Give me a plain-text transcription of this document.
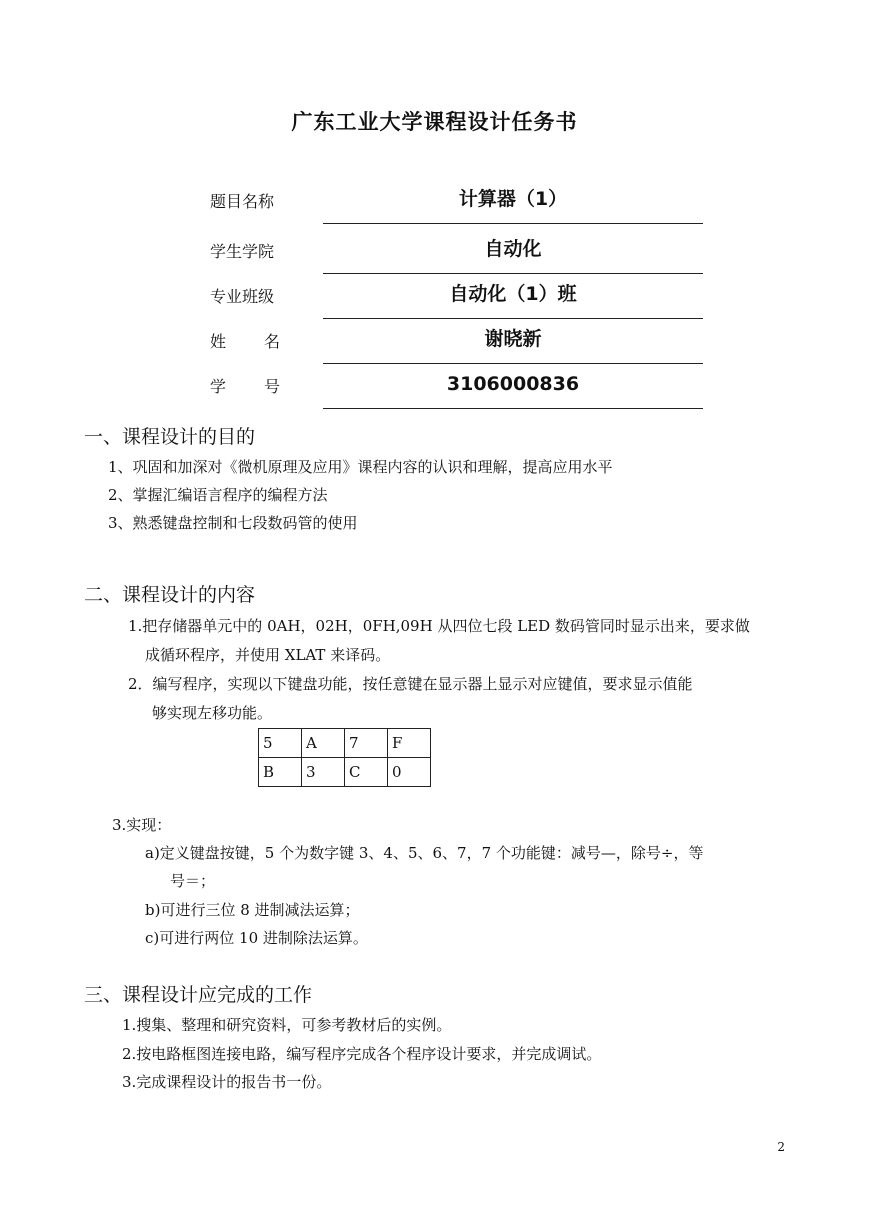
广东工业大学课程设计任务书
题目名称	计算器（1）
学生学院	自动化
专业班级	自动化（1）班
姓 名	谢晓新
学 号	3106000836
一、课程设计的目的
1、巩固和加深对《微机原理及应用》课程内容的认识和理解，提高应用水平
2、掌握汇编语言程序的编程方法
3、熟悉键盘控制和七段数码管的使用
二、课程设计的内容
1.把存储器单元中的 0AH，02H，0FH,09H 从四位七段 LED 数码管同时显示出来，要求做
成循环程序，并使用 XLAT 来译码。
2．编写程序，实现以下键盘功能，按任意键在显示器上显示对应键值，要求显示值能
够实现左移功能。
5	A	7	F
B	3	C	0
3.实现：
a)定义键盘按键，5 个为数字键 3、4、5、6、7，7 个功能键：减号—，除号÷，等
号＝；
b)可进行三位 8 进制减法运算；
c)可进行两位 10 进制除法运算。
三、课程设计应完成的工作
1.搜集、整理和研究资料，可参考教材后的实例。
2.按电路框图连接电路，编写程序完成各个程序设计要求，并完成调试。
3.完成课程设计的报告书一份。
2
